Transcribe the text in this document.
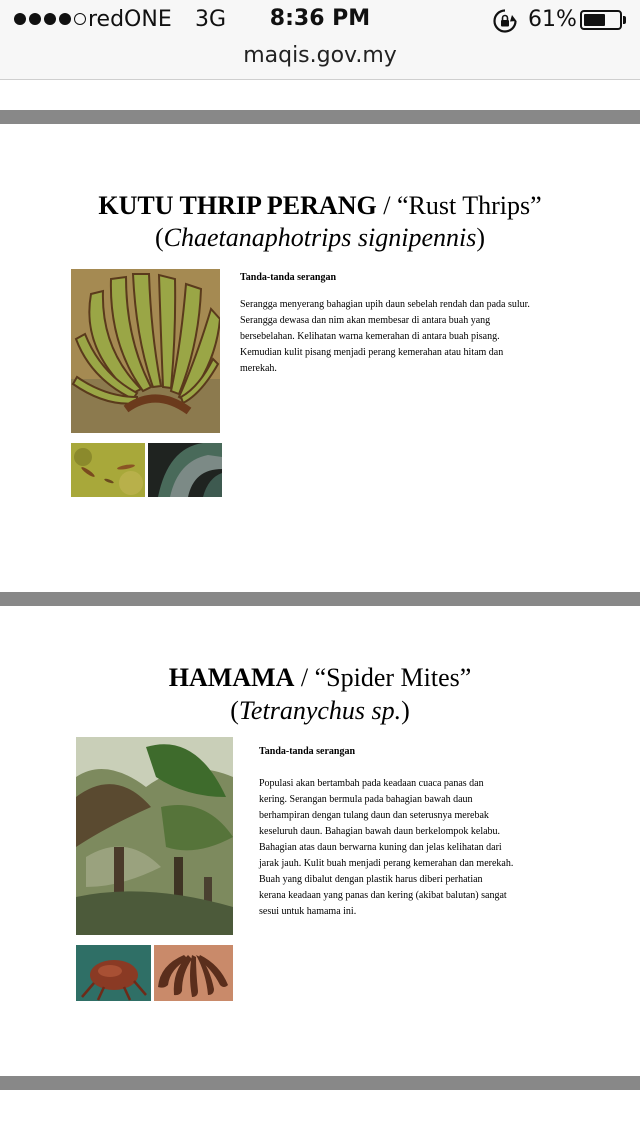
redONE 3G	8:36 PM	61%
maqis.gov.my
KUTU THRIP PERANG / “Rust Thrips”
(Chaetanaphotrips signipennis)
Tanda-tanda serangan
Serangga menyerang bahagian upih daun sebelah rendah dan pada sulur.
Serangga dewasa dan nim akan membesar di antara buah yang
bersebelahan. Kelihatan warna kemerahan di antara buah pisang.
Kemudian kulit pisang menjadi perang kemerahan atau hitam dan
merekah.
HAMAMA / “Spider Mites”
(Tetranychus sp.)
Tanda-tanda serangan
Populasi akan bertambah pada keadaan cuaca panas dan
kering. Serangan bermula pada bahagian bawah daun
berhampiran dengan tulang daun dan seterusnya merebak
keseluruh daun. Bahagian bawah daun berkelompok kelabu.
Bahagian atas daun berwarna kuning dan jelas kelihatan dari
jarak jauh. Kulit buah menjadi perang kemerahan dan merekah.
Buah yang dibalut dengan plastik harus diberi perhatian
kerana keadaan yang panas dan kering (akibat balutan) sangat
sesui untuk hamama ini.
